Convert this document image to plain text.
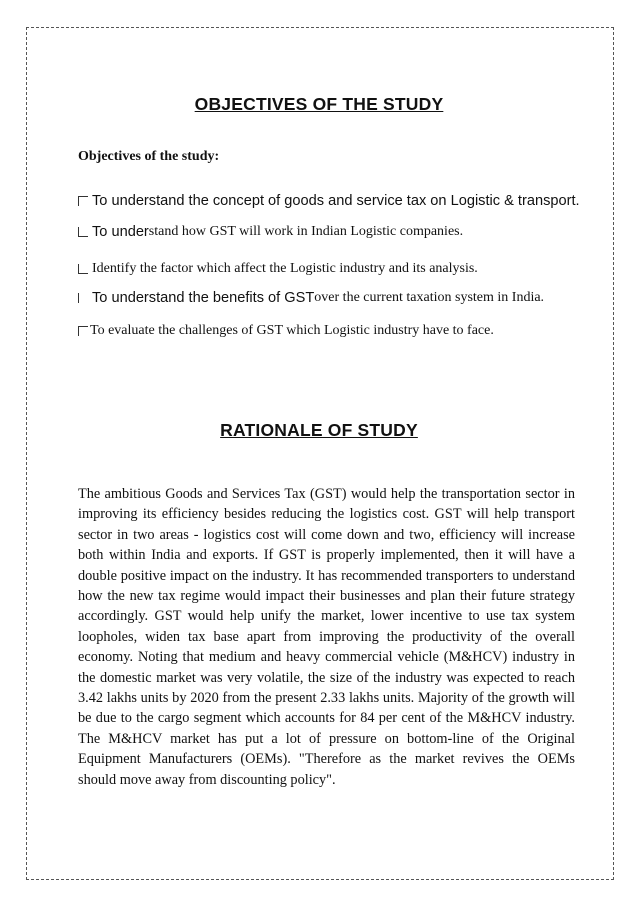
OBJECTIVES OF THE STUDY
Objectives of the study:
To understand the concept of goods and service tax on Logistic & transport.
To under stand how GST will work in Indian Logistic companies.
Identify the factor which affect the Logistic industry and its analysis.
To understand the benefits of GST over the current taxation system in India.
To evaluate the challenges of GST which Logistic industry have to face.
RATIONALE OF STUDY

The ambitious Goods and Services Tax (GST) would help the transportation sector in improving its efficiency besides reducing the logistics cost. GST will help transport sector in two areas - logistics cost will come down and two, efficiency will increase both within India and exports. If GST is properly implemented, then it will have a double positive impact on the industry. It has recommended transporters to understand how the new tax regime would impact their businesses and plan their future strategy accordingly. GST would help unify the market, lower incentive to use tax system loopholes, widen tax base apart from improving the productivity of the overall economy. Noting that medium and heavy commercial vehicle (M&HCV) industry in the domestic market was very volatile, the size of the industry was expected to reach 3.42 lakhs units by 2020 from the present 2.33 lakhs units. Majority of the growth will be due to the cargo segment which accounts for 84 per cent of the M&HCV industry. The M&HCV market has put a lot of pressure on bottom-line of the Original Equipment Manufacturers (OEMs). "Therefore as the market revives the OEMs should move away from discounting policy".
